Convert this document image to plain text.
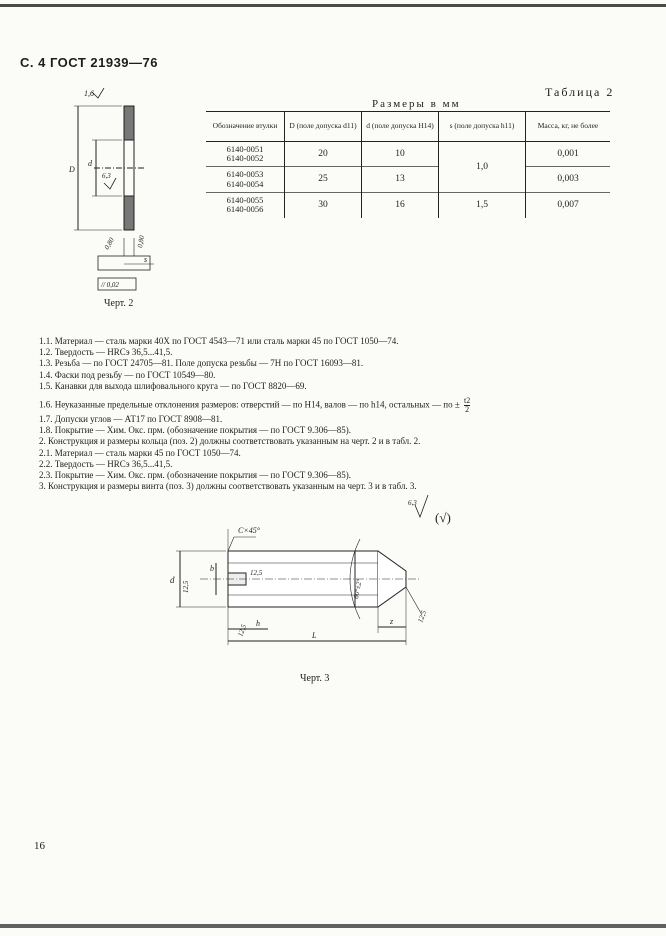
С. 4 ГОСТ 21939—76
1,6
D
d
6,3
0,80	0,80
s
// 0,02
Черт. 2
Таблица 2
Размеры в мм
Обозначение втулки	D (поле допуска d11)	d (поле допуска H14)	s (поле допуска h11)	Масса, кг, не более

6140-0051
6140-0052	20	10	1,0	0,001

6140-0053
6140-0054	25	13		0,003

6140-0055
6140-0056	30	16	1,5	0,007
1.1. Материал — сталь марки 40Х по ГОСТ 4543—71 или сталь марки 45 по ГОСТ 1050—74.
1.2. Твердость — HRCэ 36,5...41,5.
1.3. Резьба — по ГОСТ 24705—81. Поле допуска резьбы — 7Н по ГОСТ 16093—81.
1.4. Фаски под резьбу — по ГОСТ 10549—80.
1.5. Канавки для выхода шлифовального круга — по ГОСТ 8820—69.
1.6. Неуказанные предельные отклонения размеров: отверстий — по H14, валов — по h14, остальных — по ± $\frac{t2}{2}$
1.7. Допуски углов — АТ17 по ГОСТ 8908—81.
1.8. Покрытие — Хим. Окс. прм. (обозначение покрытия — по ГОСТ 9.306—85).
2. Конструкция и размеры кольца (поз. 2) должны соответствовать указанным на черт. 2 и в табл. 2.
2.1. Материал — сталь марки 45 по ГОСТ 1050—74.
2.2. Твердость — HRCэ 36,5...41,5.
2.3. Покрытие — Хим. Окс. прм. (обозначение покрытия — по ГОСТ 9.306—85).
3. Конструкция и размеры винта (поз. 3) должны соответствовать указанным на черт. 3 и в табл. 3.
6,3
(√)
C×45°
d
b
12,5
12,5
12,5
60°±2°
12,5
h	z
L
Черт. 3
16
